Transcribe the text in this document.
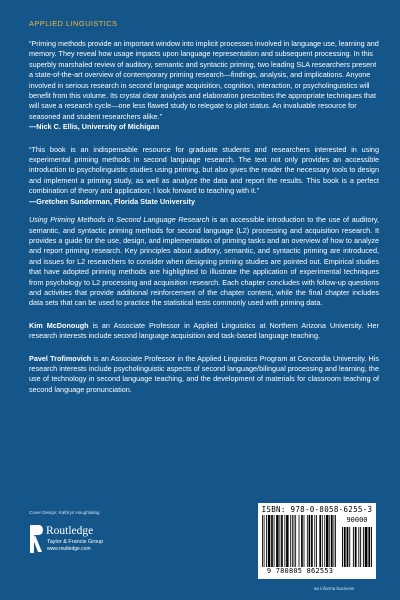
APPLIED LINGUISTICS

“Priming methods provide an important window into implicit processes involved in language use, learning and memory. They reveal how usage impacts upon language representation and subsequent processing. In this superbly marshaled review of auditory, semantic and syntactic priming, two leading SLA researchers present a state-of-the-art overview of contemporary priming research—findings, analysis, and implications. Anyone involved in serious research in second language acquisition, cognition, interaction, or psycholinguistics will benefit from this volume. Its crystal clear analysis and elaboration prescribes the appropriate techniques that will save a research cycle—one less flawed study to relegate to pilot status. An invaluable resource for seasoned and student researchers alike.”

—Nick C. Ellis, University of Michigan

“This book is an indispensable resource for graduate students and researchers interested in using experimental priming methods in second language research. The text not only provides an accessible introduction to psycholinguistic studies using priming, but also gives the reader the necessary tools to design and implement a priming study, as well as analyze the data and report the results. This book is a perfect combination of theory and application; I look forward to teaching with it.”

—Gretchen Sunderman, Florida State University

Using Priming Methods in Second Language Research is an accessible introduction to the use of auditory, semantic, and syntactic priming methods for second language (L2) processing and acquisition research. It provides a guide for the use, design, and implementation of priming tasks and an overview of how to analyze and report priming research. Key principles about auditory, semantic, and syntactic priming are introduced, and issues for L2 researchers to consider when designing priming studies are pointed out. Empirical studies that have adopted priming methods are highlighted to illustrate the application of experimental techniques from psychology to L2 processing and acquisition research. Each chapter concludes with follow-up questions and activities that provide additional reinforcement of the chapter content, while the final chapter includes data sets that can be used to practice the statistical tests commonly used with priming data.

Kim McDonough is an Associate Professor in Applied Linguistics at Northern Arizona University. Her research interests include second language acquisition and task-based language teaching.

Pavel Trofimovich is an Associate Professor in the Applied Linguistics Program at Concordia University. His research interests include psycholinguistic aspects of second language/bilingual processing and learning, the use of technology in second language teaching, and the development of materials for classroom teaching of second language pronunciation.

Cover Design: Kathryn Houghtaling
Routledge
Taylor & Francis Group
www.routledge.com
ISBN: 978-0-8058-6255-3
90000
9 780805 862553
an informa business
